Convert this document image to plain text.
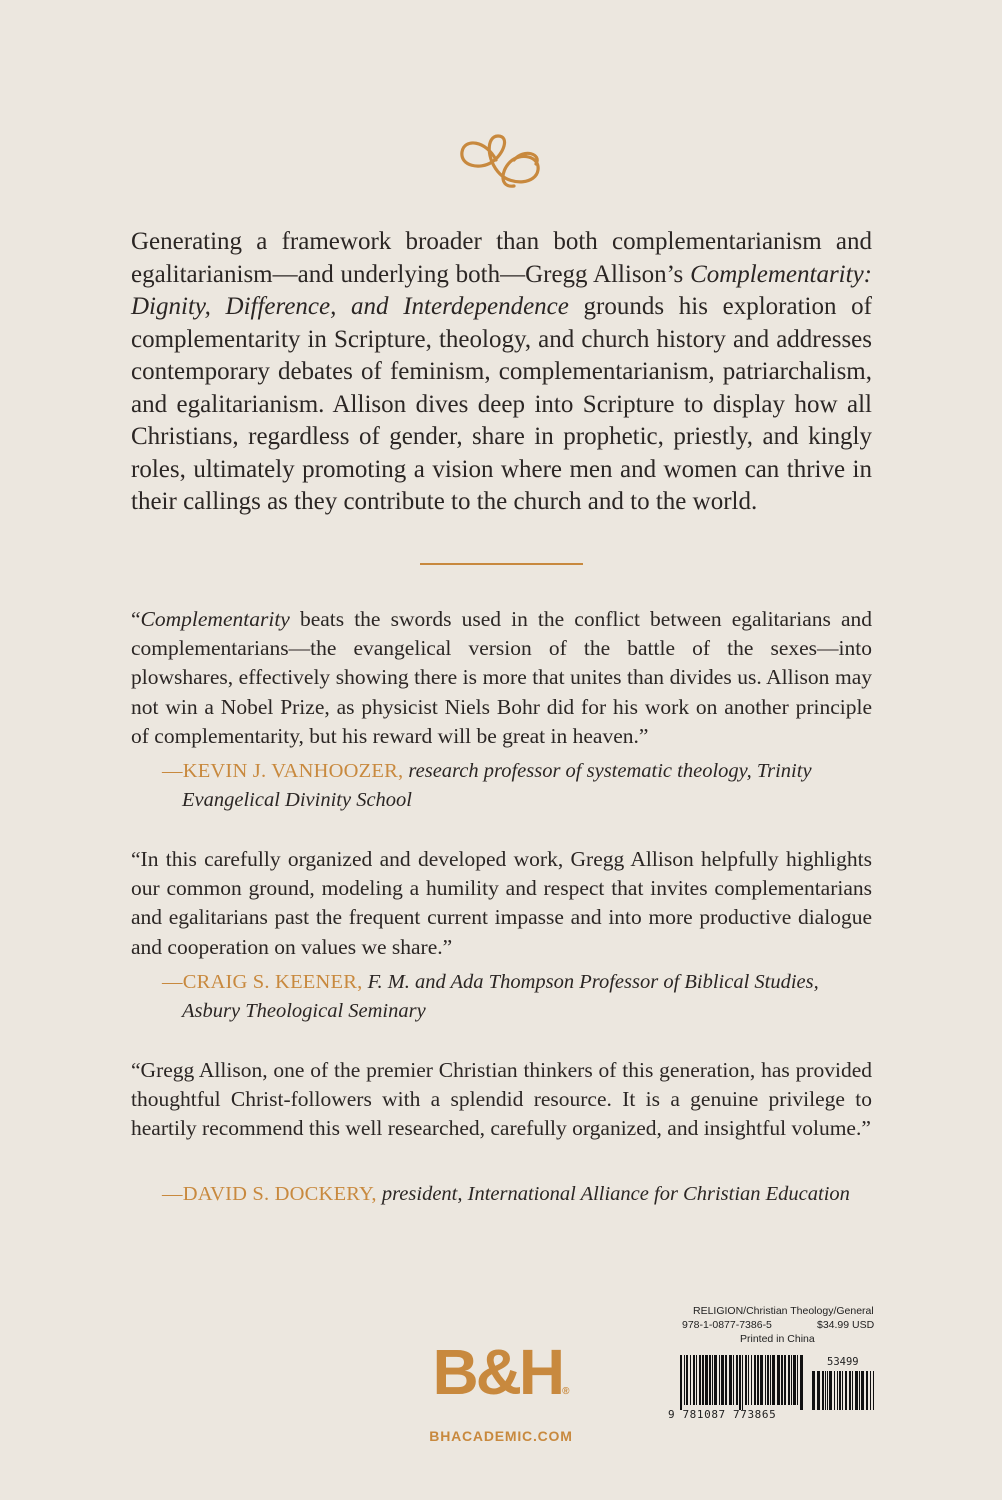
Generating a framework broader than both complementarianism and egalitarianism—and underlying both—Gregg Allison’s Complementarity: Dignity, Difference, and Interdependence grounds his exploration of complementarity in Scripture, theology, and church history and addresses contemporary debates of feminism, complementarianism, patriarchalism, and egalitarianism. Allison dives deep into Scripture to display how all Christians, regardless of gender, share in prophetic, priestly, and kingly roles, ultimately promoting a vision where men and women can thrive in their callings as they contribute to the church and to the world.

“Complementarity beats the swords used in the conflict between egalitarians and complementarians—the evangelical version of the battle of the sexes—into plowshares, effectively showing there is more that unites than divides us. Allison may not win a Nobel Prize, as physicist Niels Bohr did for his work on another principle of complementarity, but his reward will be great in heaven.”

—KEVIN J. VANHOOZER, research professor of systematic theology, Trinity
Evangelical Divinity School

“In this carefully organized and developed work, Gregg Allison helpfully highlights our common ground, modeling a humility and respect that invites complementarians and egalitarians past the frequent current impasse and into more productive dialogue and cooperation on values we share.”

—CRAIG S. KEENER, F. M. and Ada Thompson Professor of Biblical Studies,
Asbury Theological Seminary

“Gregg Allison, one of the premier Christian thinkers of this generation, has provided thoughtful Christ-followers with a splendid resource. It is a genuine privilege to heartily recommend this well researched, carefully organized, and insightful volume.”

—DAVID S. DOCKERY, president, International Alliance for Christian Education

B&H®
BHACADEMIC.COM
RELIGION/Christian Theology/General
978-1-0877-7386-5	$34.99 USD
Printed in China
53499
9 781087 773865
